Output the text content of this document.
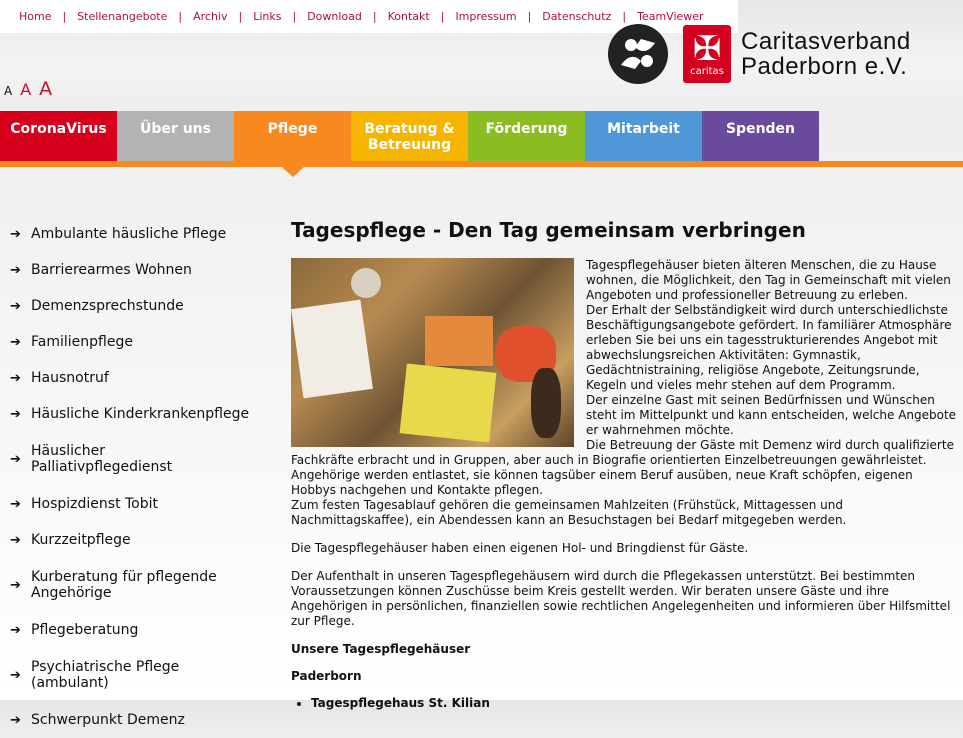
Home	|	Stellenangebote	|	Archiv	|	Links	|	Download	|	Kontakt	|	Impressum	|	Datenschutz	|	TeamViewer
✠
caritas
Caritasverband
Paderborn e.V.
A A A
CoronaVirus	Über uns	Pflege	Beratung & Betreuung
Förderung	Mitarbeit	Spenden
➔ Ambulante häusliche Pflege
➔ Barrierearmes Wohnen
➔ Demenzsprechstunde
➔ Familienpflege
➔ Hausnotruf
➔ Häusliche Kinderkrankenpflege
➔ Häuslicher Palliativpflegedienst
➔ Hospizdienst Tobit
➔ Kurzzeitpflege
➔ Kurberatung für pflegende Angehörige
➔ Pflegeberatung
➔ Psychiatrische Pflege (ambulant)
➔ Schwerpunkt Demenz
Tagespflege - Den Tag gemeinsam verbringen
Tagespflegehäuser bieten älteren Menschen, die zu Hause wohnen, die Möglichkeit, den Tag in Gemeinschaft mit vielen Angeboten und professioneller Betreuung zu erleben.
Der Erhalt der Selbständigkeit wird durch unterschiedlichste Beschäftigungsangebote gefördert. In familiärer Atmosphäre erleben Sie bei uns ein tagesstrukturierendes Angebot mit abwechslungsreichen Aktivitäten: Gymnastik, Gedächtnistraining, religiöse Angebote, Zeitungsrunde, Kegeln und vieles mehr stehen auf dem Programm.
Der einzelne Gast mit seinen Bedürfnissen und Wünschen steht im Mittelpunkt und kann entscheiden, welche Angebote er wahrnehmen möchte.
Die Betreuung der Gäste mit Demenz wird durch qualifizierte Fachkräfte erbracht und in Gruppen, aber auch in Biografie orientierten Einzelbetreuungen gewährleistet.
Angehörige werden entlastet, sie können tagsüber einem Beruf ausüben, neue Kraft schöpfen, eigenen Hobbys nachgehen und Kontakte pflegen.

Zum festen Tagesablauf gehören die gemeinsamen Mahlzeiten (Frühstück, Mittagessen und Nachmittagskaffee), ein Abendessen kann an Besuchstagen bei Bedarf mitgegeben werden.

Die Tagespflegehäuser haben einen eigenen Hol- und Bringdienst für Gäste.

Der Aufenthalt in unseren Tagespflegehäusern wird durch die Pflegekassen unterstützt. Bei bestimmten Voraussetzungen können Zuschüsse beim Kreis gestellt werden. Wir beraten unsere Gäste und ihre Angehörigen in persönlichen, finanziellen sowie rechtlichen Angelegenheiten und informieren über Hilfsmittel zur Pflege.

Unsere Tagespflegehäuser
Paderborn
• Tagespflegehaus St. Kilian
